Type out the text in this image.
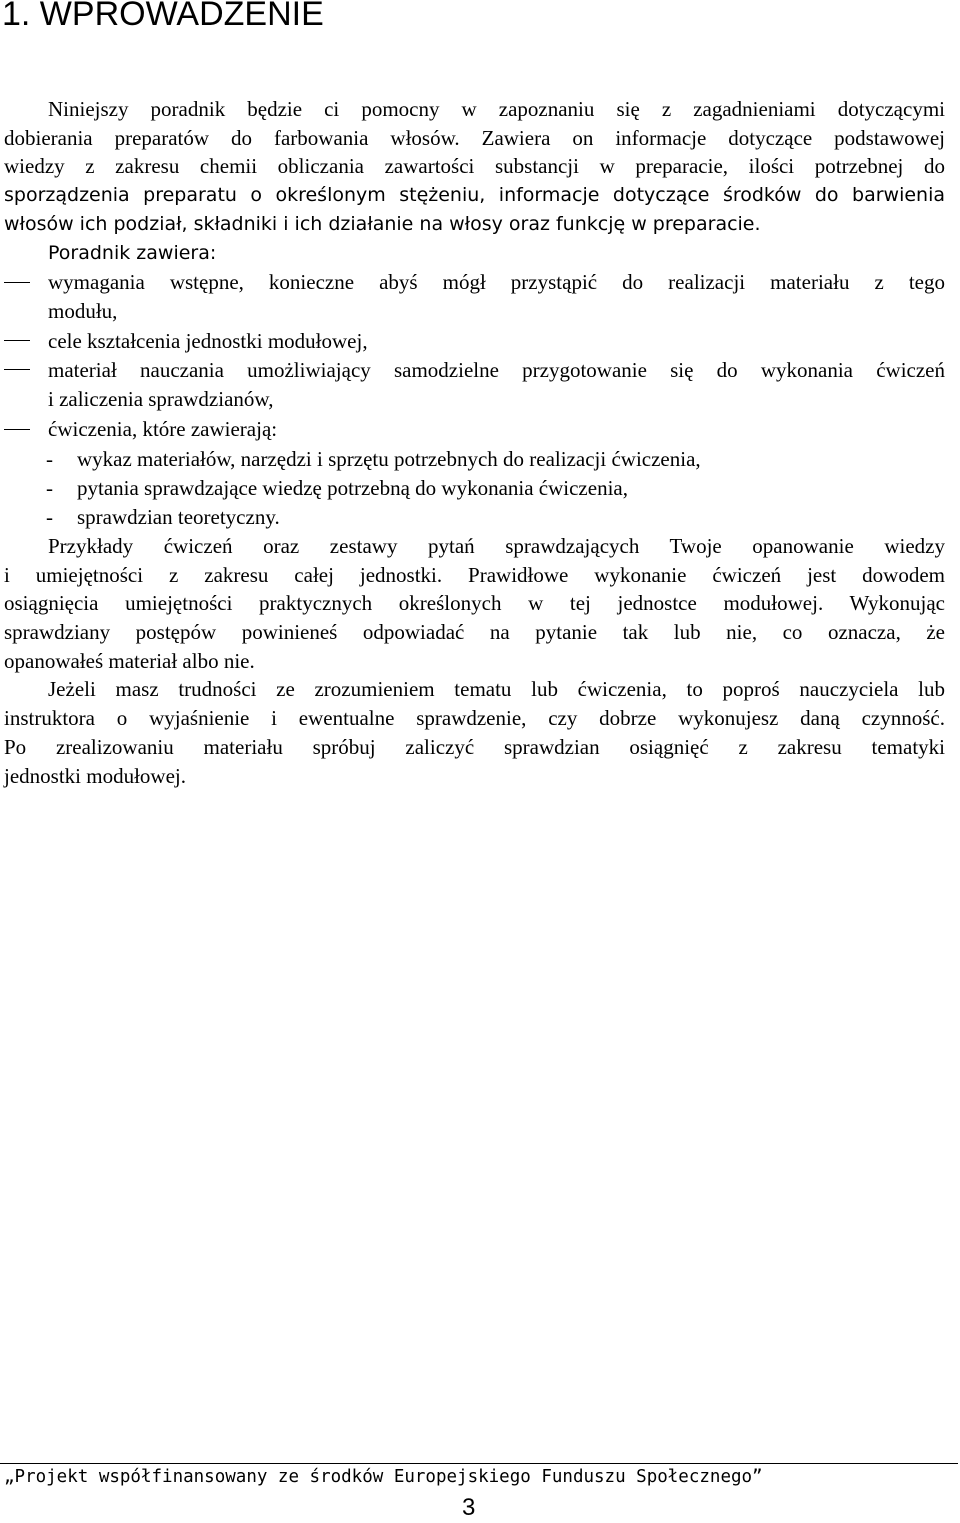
1. WPROWADZENIE
Niniejszy poradnik będzie ci pomocny w zapoznaniu się z zagadnieniami dotyczącymi
dobierania preparatów do farbowania włosów. Zawiera on informacje dotyczące podstawowej
wiedzy z zakresu chemii obliczania zawartości substancji w preparacie, ilości potrzebnej do
sporządzenia preparatu o określonym stężeniu, informacje dotyczące środków do barwienia
włosów ich podział, składniki i ich działanie na włosy oraz funkcję w preparacie.
Poradnik zawiera:
wymagania wstępne, konieczne abyś mógł przystąpić do realizacji materiału z tego
modułu,
cele kształcenia jednostki modułowej,
materiał nauczania umożliwiający samodzielne przygotowanie się do wykonania ćwiczeń
i zaliczenia sprawdzianów,
ćwiczenia, które zawierają:
- wykaz materiałów, narzędzi i sprzętu potrzebnych do realizacji ćwiczenia,
- pytania sprawdzające wiedzę potrzebną do wykonania ćwiczenia,
- sprawdzian teoretyczny.
Przykłady ćwiczeń oraz zestawy pytań sprawdzających Twoje opanowanie wiedzy
i umiejętności z zakresu całej jednostki. Prawidłowe wykonanie ćwiczeń jest dowodem
osiągnięcia umiejętności praktycznych określonych w tej jednostce modułowej. Wykonując
sprawdziany postępów powinieneś odpowiadać na pytanie tak lub nie, co oznacza, że
opanowałeś materiał albo nie.
Jeżeli masz trudności ze zrozumieniem tematu lub ćwiczenia, to poproś nauczyciela lub
instruktora o wyjaśnienie i ewentualne sprawdzenie, czy dobrze wykonujesz daną czynność.
Po zrealizowaniu materiału spróbuj zaliczyć sprawdzian osiągnięć z zakresu tematyki
jednostki modułowej.
„Projekt współfinansowany ze środków Europejskiego Funduszu Społecznego”
3
